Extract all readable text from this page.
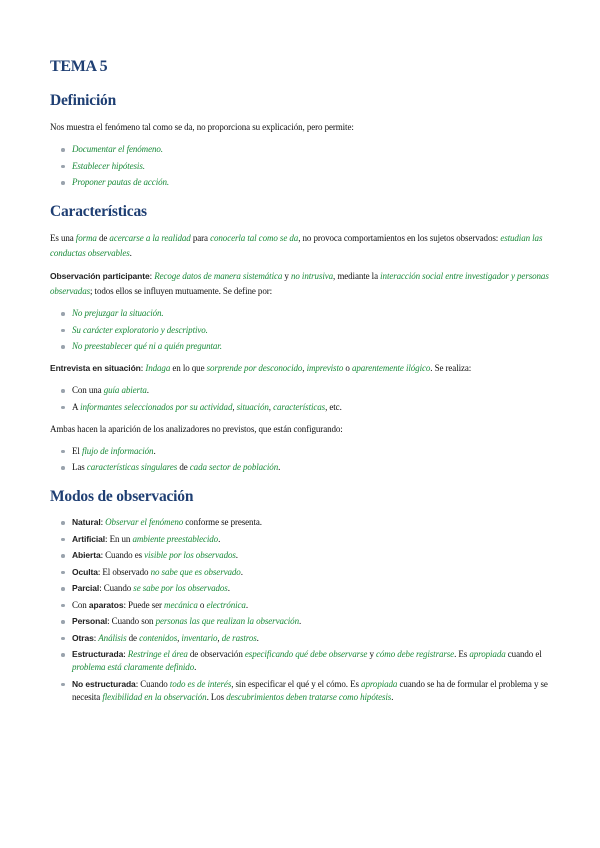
TEMA 5
Definición

Nos muestra el fenómeno tal como se da, no proporciona su explicación, pero permite:

Documentar el fenómeno.
Establecer hipótesis.
Proponer pautas de acción.
Características

Es una forma de acercarse a la realidad para conocerla tal como se da, no provoca comportamientos en los sujetos observados: estudian las conductas observables.

Observación participante: Recoge datos de manera sistemática y no intrusiva, mediante la interacción social entre investigador y personas observadas; todos ellos se influyen mutuamente. Se define por:

No prejuzgar la situación.
Su carácter exploratorio y descriptivo.
No preestablecer qué ni a quién preguntar.

Entrevista en situación: Indaga en lo que sorprende por desconocido, imprevisto o aparentemente ilógico. Se realiza:

Con una guía abierta.
A informantes seleccionados por su actividad, situación, características, etc.

Ambas hacen la aparición de los analizadores no previstos, que están configurando:

El flujo de información.
Las características singulares de cada sector de población.
Modos de observación
Natural: Observar el fenómeno conforme se presenta.
Artificial: En un ambiente preestablecido.
Abierta: Cuando es visible por los observados.
Oculta: El observado no sabe que es observado.
Parcial: Cuando se sabe por los observados.
Con aparatos: Puede ser mecánica o electrónica.
Personal: Cuando son personas las que realizan la observación.
Otras: Análisis de contenidos, inventario, de rastros.
Estructurada: Restringe el área de observación especificando qué debe observarse y cómo debe registrarse. Es apropiada cuando el problema está claramente definido.
No estructurada: Cuando todo es de interés, sin especificar el qué y el cómo. Es apropiada cuando se ha de formular el problema y se necesita flexibilidad en la observación. Los descubrimientos deben tratarse como hipótesis.
